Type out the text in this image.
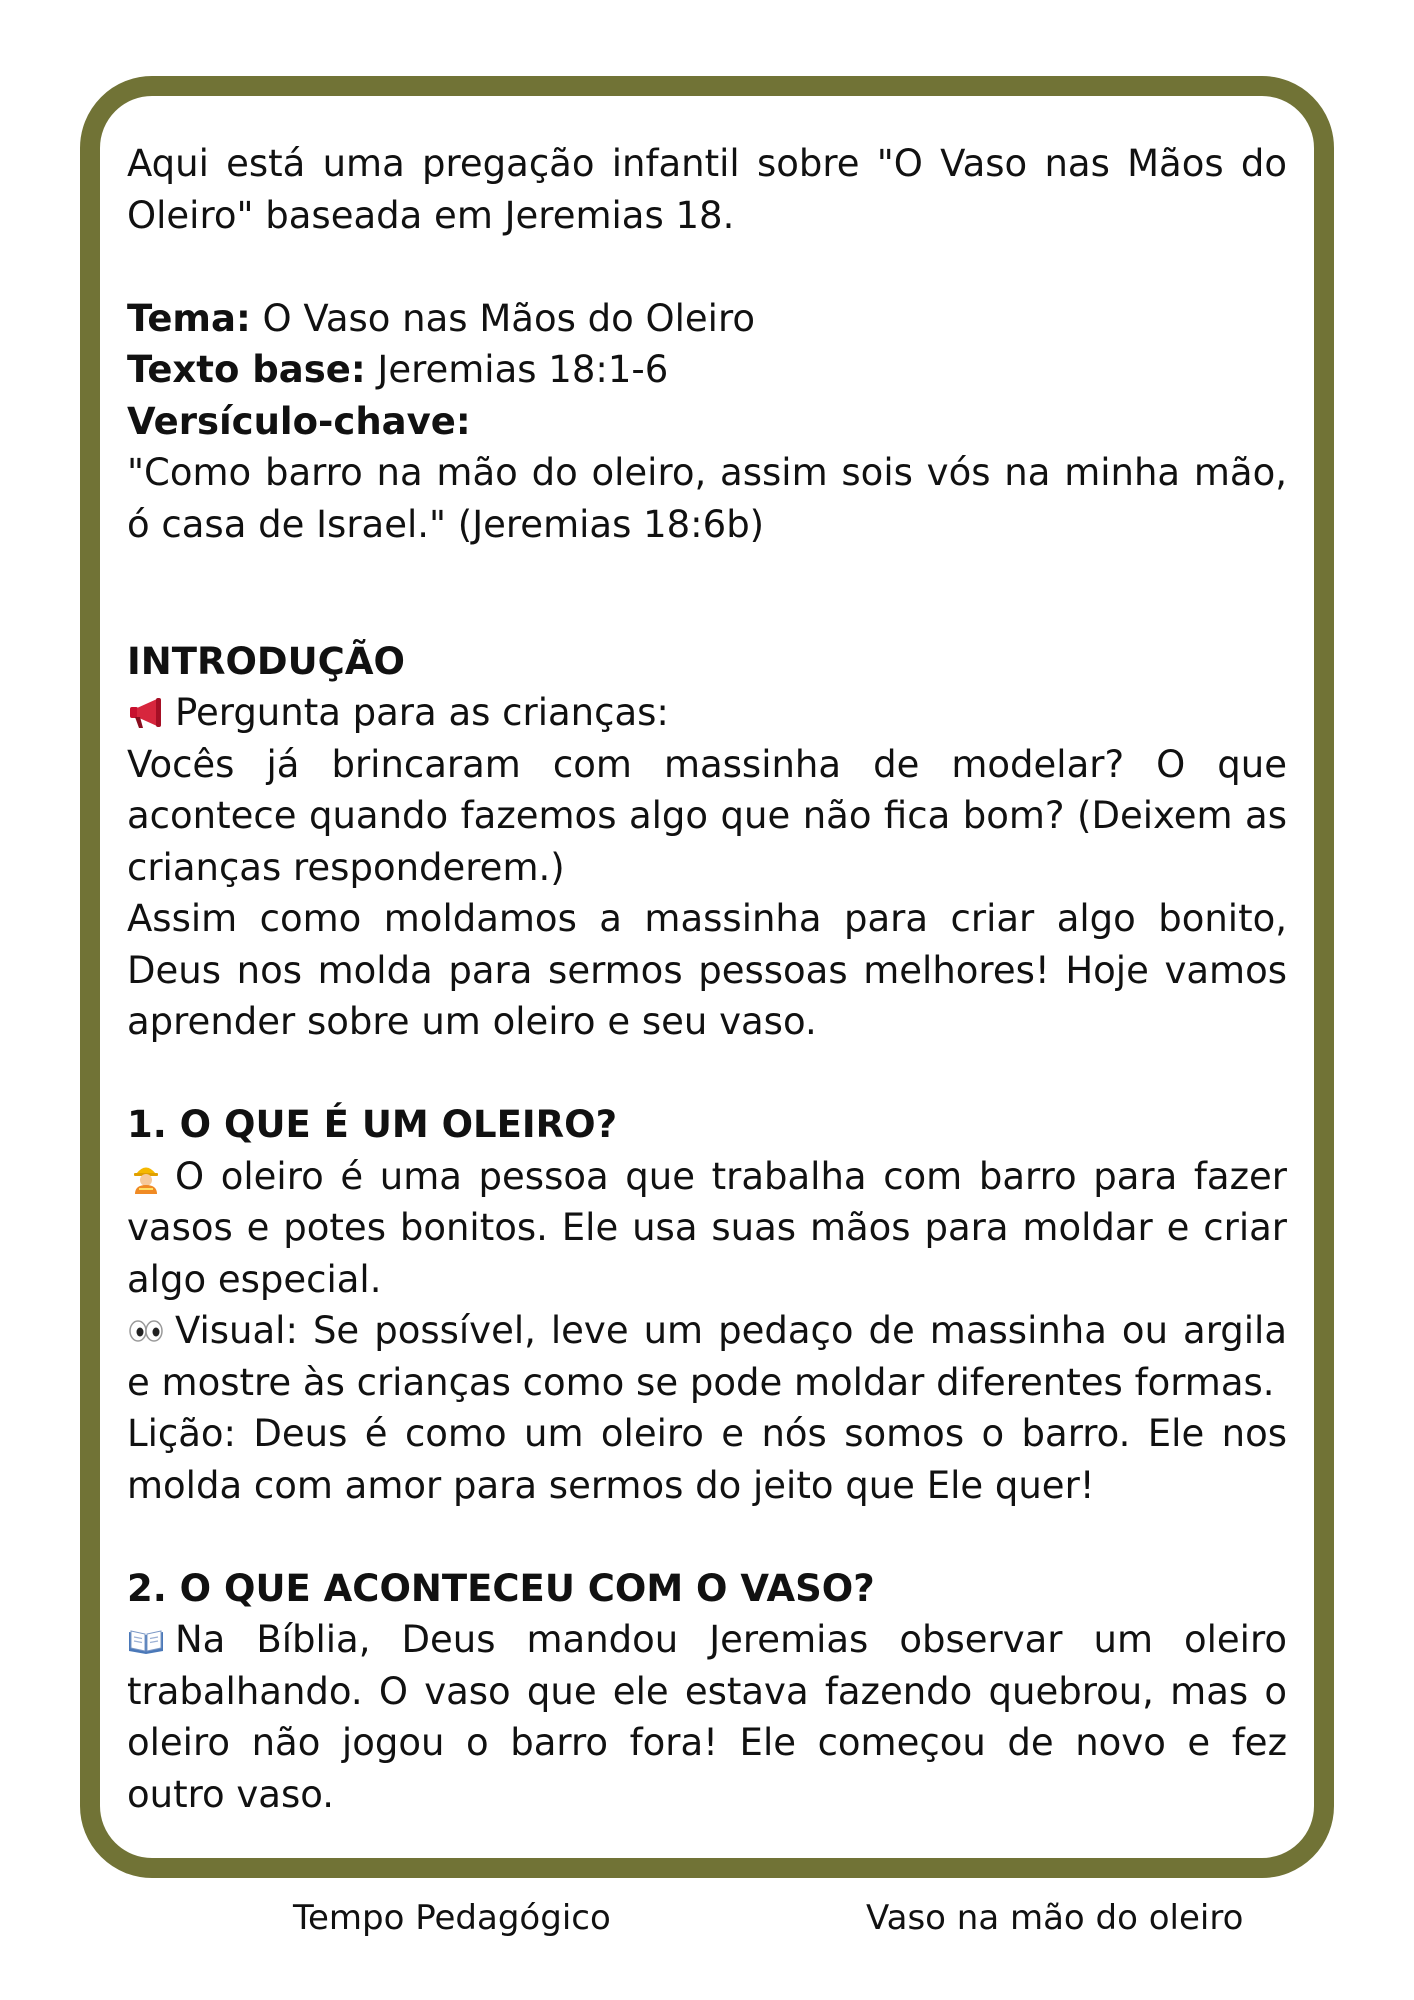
Aqui está uma pregação infantil sobre "O Vaso nas Mãos do Oleiro" baseada em Jeremias 18.

Tema: O Vaso nas Mãos do Oleiro

Texto base: Jeremias 18:1-6

Versículo-chave:

"Como barro na mão do oleiro, assim sois vós na minha mão, ó casa de Israel." (Jeremias 18:6b)

INTRODUÇÃO

Pergunta para as crianças:

Vocês já brincaram com massinha de modelar? O que acontece quando fazemos algo que não fica bom? (Deixem as crianças responderem.)

Assim como moldamos a massinha para criar algo bonito, Deus nos molda para sermos pessoas melhores! Hoje vamos aprender sobre um oleiro e seu vaso.

1. O QUE É UM OLEIRO?

O oleiro é uma pessoa que trabalha com barro para fazer vasos e potes bonitos. Ele usa suas mãos para moldar e criar algo especial.

Visual: Se possível, leve um pedaço de massinha ou argila e mostre às crianças como se pode moldar diferentes formas.

Lição: Deus é como um oleiro e nós somos o barro. Ele nos molda com amor para sermos do jeito que Ele quer!

2. O QUE ACONTECEU COM O VASO?

Na Bíblia, Deus mandou Jeremias observar um oleiro trabalhando. O vaso que ele estava fazendo quebrou, mas o oleiro não jogou o barro fora! Ele começou de novo e fez outro vaso.

Tempo Pedagógico	Vaso na mão do oleiro
